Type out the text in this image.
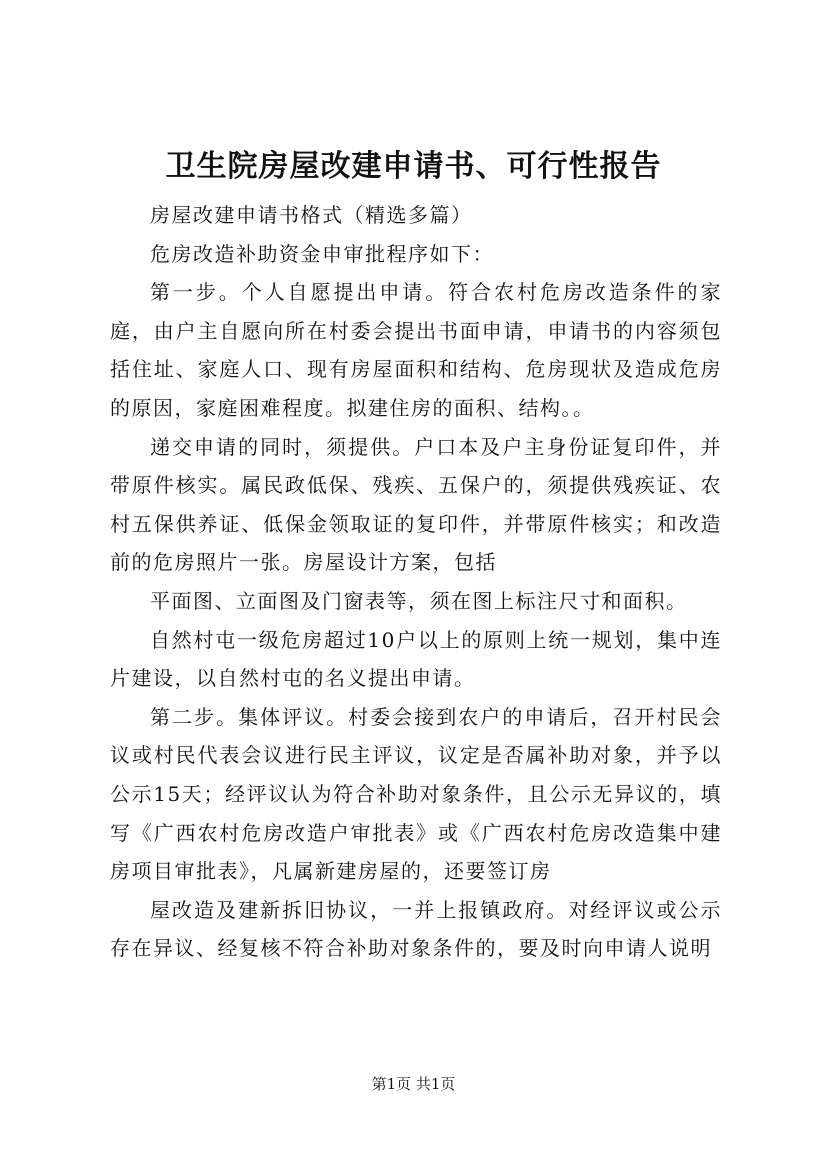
卫生院房屋改建申请书、可行性报告

房屋改建申请书格式（精选多篇）

危房改造补助资金申审批程序如下：

第一步。个人自愿提出申请。符合农村危房改造条件的家庭，由户主自愿向所在村委会提出书面申请，申请书的内容须包括住址、家庭人口、现有房屋面积和结构、危房现状及造成危房的原因，家庭困难程度。拟建住房的面积、结构。。

递交申请的同时，须提供。户口本及户主身份证复印件，并带原件核实。属民政低保、残疾、五保户的，须提供残疾证、农村五保供养证、低保金领取证的复印件，并带原件核实；和改造前的危房照片一张。房屋设计方案，包括

平面图、立面图及门窗表等，须在图上标注尺寸和面积。

自然村屯一级危房超过10户以上的原则上统一规划，集中连片建设，以自然村屯的名义提出申请。

第二步。集体评议。村委会接到农户的申请后，召开村民会议或村民代表会议进行民主评议，议定是否属补助对象，并予以公示15天；经评议认为符合补助对象条件，且公示无异议的，填写《广西农村危房改造户审批表》或《广西农村危房改造集中建房项目审批表》，凡属新建房屋的，还要签订房

屋改造及建新拆旧协议，一并上报镇政府。对经评议或公示存在异议、经复核不符合补助对象条件的，要及时向申请人说明

第1页 共1页
